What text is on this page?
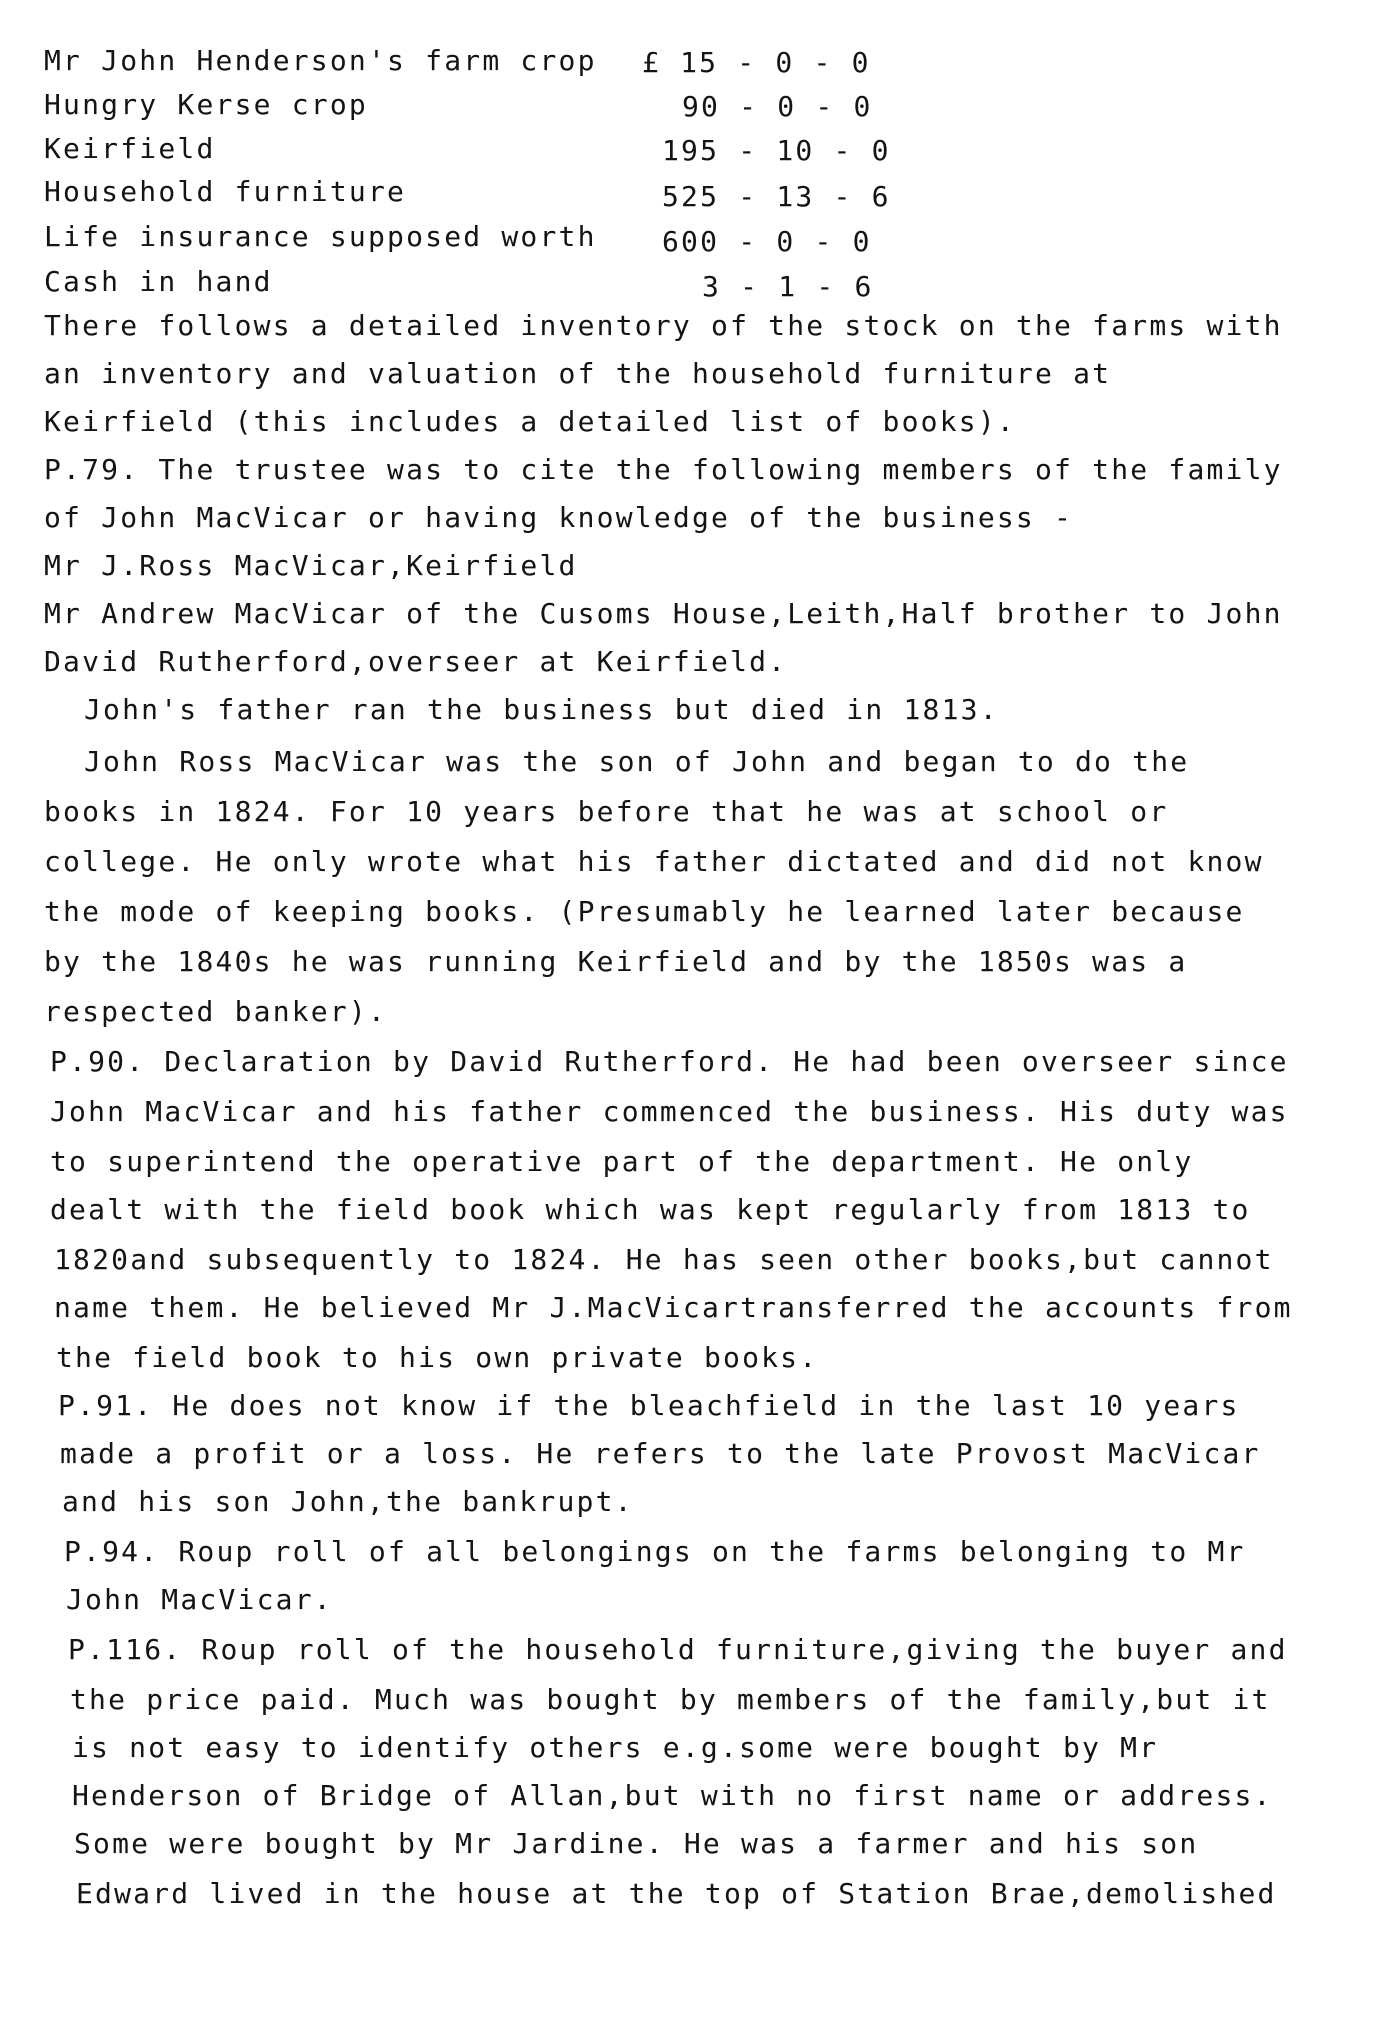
Mr John Henderson's farm crop £ 15 - 0 - 0
Hungry Kerse crop	90 - 0 - 0
Keirfield	195 - 10 - 0
Household furniture	525 - 13 - 6
Life insurance supposed worth 600 - 0 - 0
Cash in hand	3 - 1 - 6
There follows a detailed inventory of the stock on the farms with
an inventory and valuation of the household furniture at
Keirfield (this includes a detailed list of books).
P.79. The trustee was to cite the following members of the family
of John MacVicar or having knowledge of the business -
Mr J.Ross MacVicar,Keirfield
Mr Andrew MacVicar of the Cusoms House,Leith,Half brother to John
David Rutherford,overseer at Keirfield.
John's father ran the business but died in 1813.
John Ross MacVicar was the son of John and began to do the
books in 1824. For 10 years before that he was at school or
college. He only wrote what his father dictated and did not know
the mode of keeping books. (Presumably he learned later because
by the 1840s he was running Keirfield and by the 1850s was a
respected banker).
P.90. Declaration by David Rutherford. He had been overseer since
John MacVicar and his father commenced the business. His duty was
to superintend the operative part of the department. He only
dealt with the field book which was kept regularly from 1813 to
1820and subsequently to 1824. He has seen other books,but cannot
name them. He believed Mr J.MacVicartransferred the accounts from
the field book to his own private books.
P.91. He does not know if the bleachfield in the last 10 years
made a profit or a loss. He refers to the late Provost MacVicar
and his son John,the bankrupt.
P.94. Roup roll of all belongings on the farms belonging to Mr
John MacVicar.
P.116. Roup roll of the household furniture,giving the buyer and
the price paid. Much was bought by members of the family,but it
is not easy to identify others e.g.some were bought by Mr
Henderson of Bridge of Allan,but with no first name or address.
Some were bought by Mr Jardine. He was a farmer and his son
Edward lived in the house at the top of Station Brae,demolished
